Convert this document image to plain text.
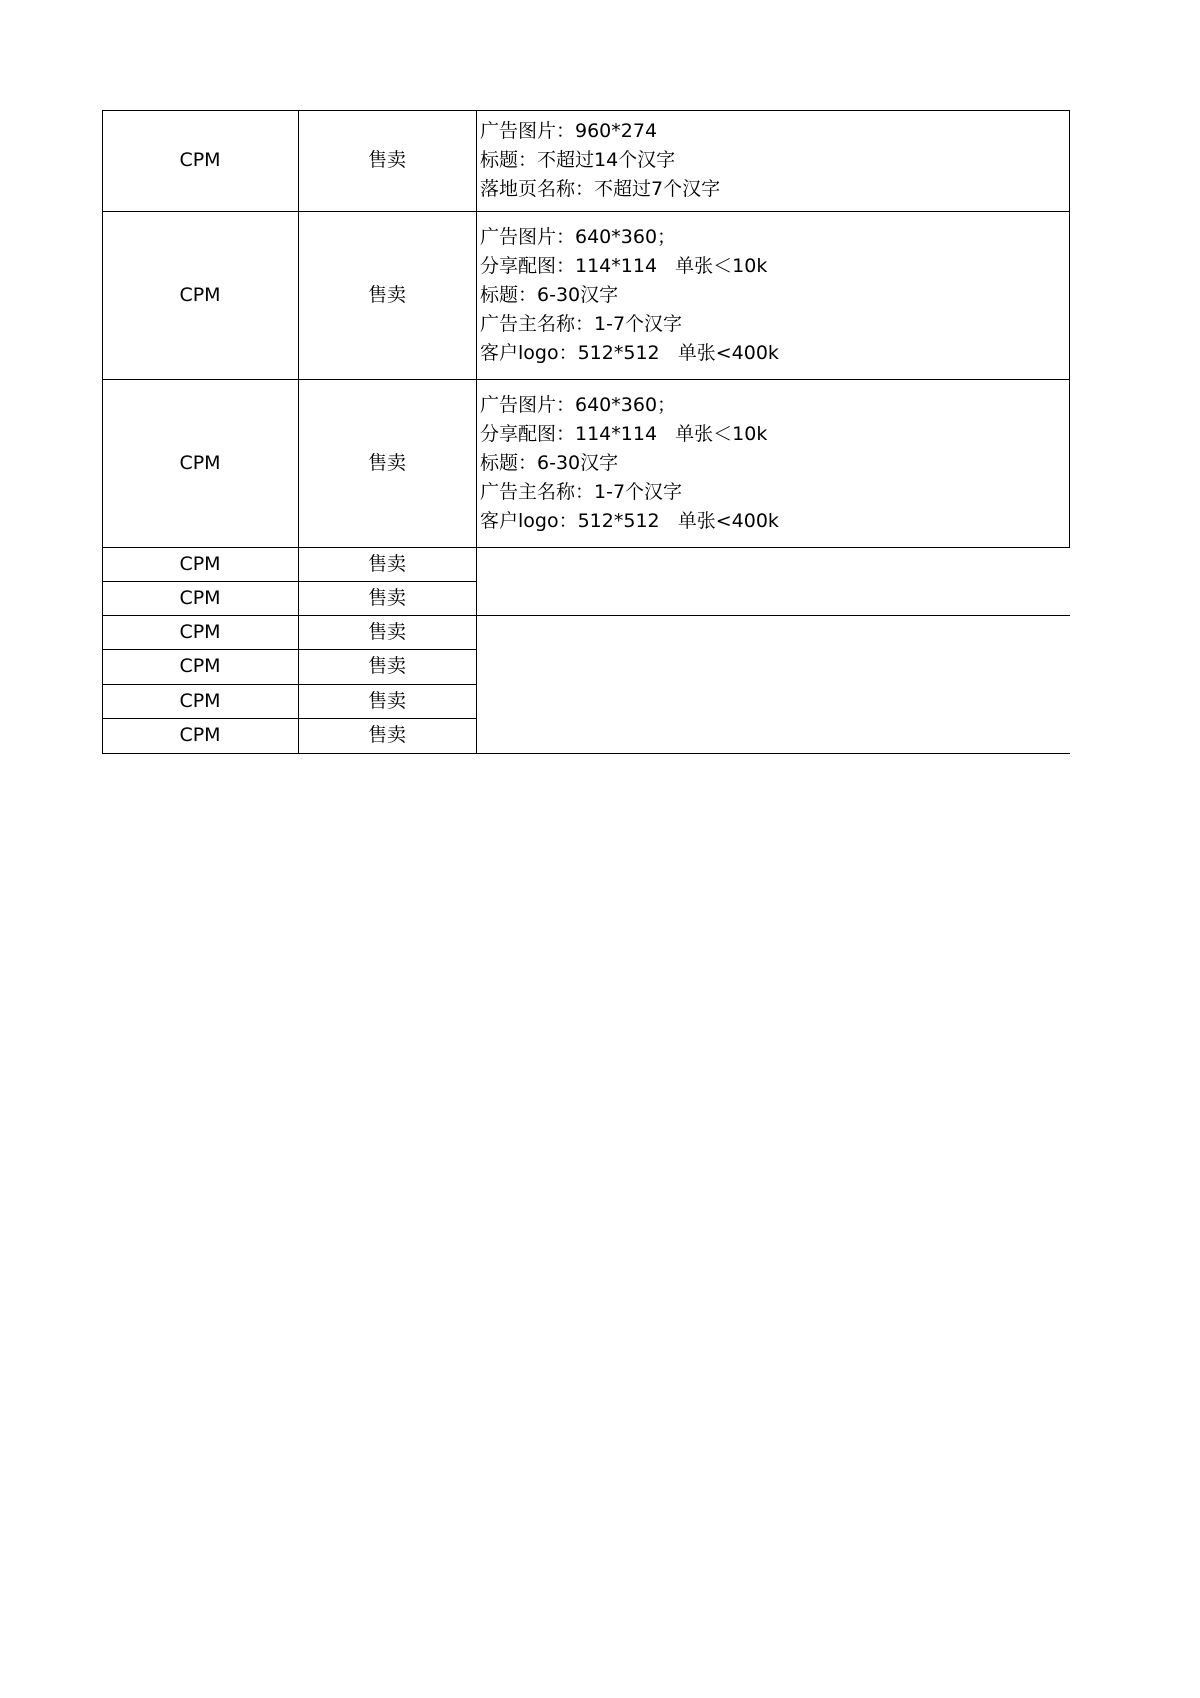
CPM	售卖
广告图片：960*274
标题：不超过14个汉字
落地页名称：不超过7个汉字
CPM	售卖
广告图片：640*360；
分享配图：114*114   单张＜10k
标题：6-30汉字
广告主名称：1-7个汉字
客户logo：512*512   单张<400k
CPM	售卖
广告图片：640*360；
分享配图：114*114   单张＜10k
标题：6-30汉字
广告主名称：1-7个汉字
客户logo：512*512   单张<400k
CPM	售卖
CPM	售卖
CPM	售卖
CPM	售卖
CPM	售卖
CPM	售卖
